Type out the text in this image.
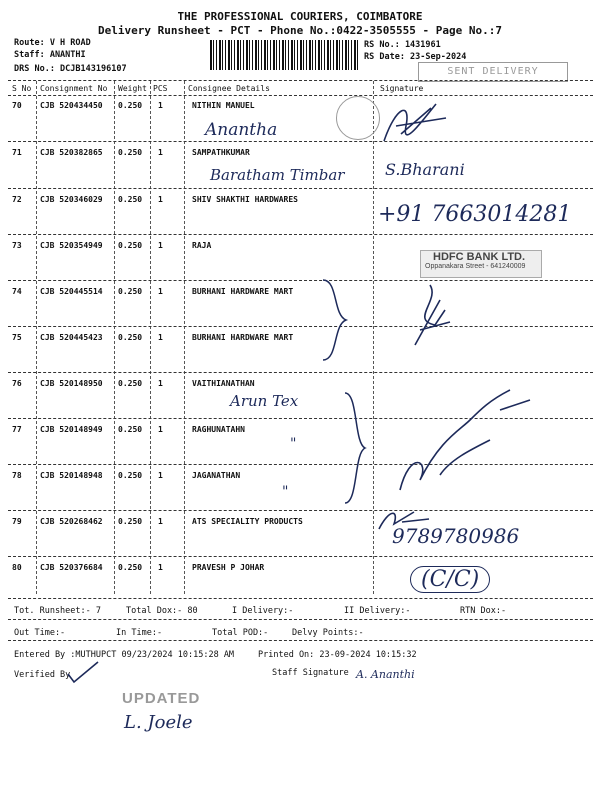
THE PROFESSIONAL COURIERS, COIMBATORE
Delivery Runsheet - PCT - Phone No.:0422-3505555 - Page No.:7
Route: V H ROAD
Staff: ANANTHI
DRS No.: DCJB143196107
RS No.: 1431961
RS Date: 23-Sep-2024
SENT DELIVERY
S No Consignment No Weight PCS	Consignee Details	Signature
70 CJB 520434450 0.250 1	NITHIN MANUEL
71 CJB 520382865 0.250 1	SAMPATHKUMAR
72 CJB 520346029 0.250 1	SHIV SHAKTHI HARDWARES
73 CJB 520354949 0.250 1	RAJA
74 CJB 520445514 0.250 1	BURHANI HARDWARE MART
75 CJB 520445423 0.250 1	BURHANI HARDWARE MART
76 CJB 520148950 0.250 1	VAITHIANATHAN
77 CJB 520148949 0.250 1	RAGHUNATAHN
78 CJB 520148948 0.250 1	JAGANATHAN
79 CJB 520268462 0.250 1	ATS SPECIALITY PRODUCTS
80 CJB 520376684 0.250 1	PRAVESH P JOHAR
Anantha
Baratham Timbar	S.Bharani
+91 7663014281
Arun Tex
"
"
9789780986
(C/C)
HDFC BANK LTD.
Oppanakara Street - 641240009
Tot. Runsheet:- 7	Total Dox:- 80	I Delivery:-	II Delivery:-	RTN Dox:-
Out Time:-	In Time:-	Total POD:-	Delvy Points:-
Entered By :MUTHUPCT 09/23/2024 10:15:28 AM	Printed On: 23-09-2024 10:15:32
Verified By	Staff Signature A. Ananthi
UPDATED
L. Joele
